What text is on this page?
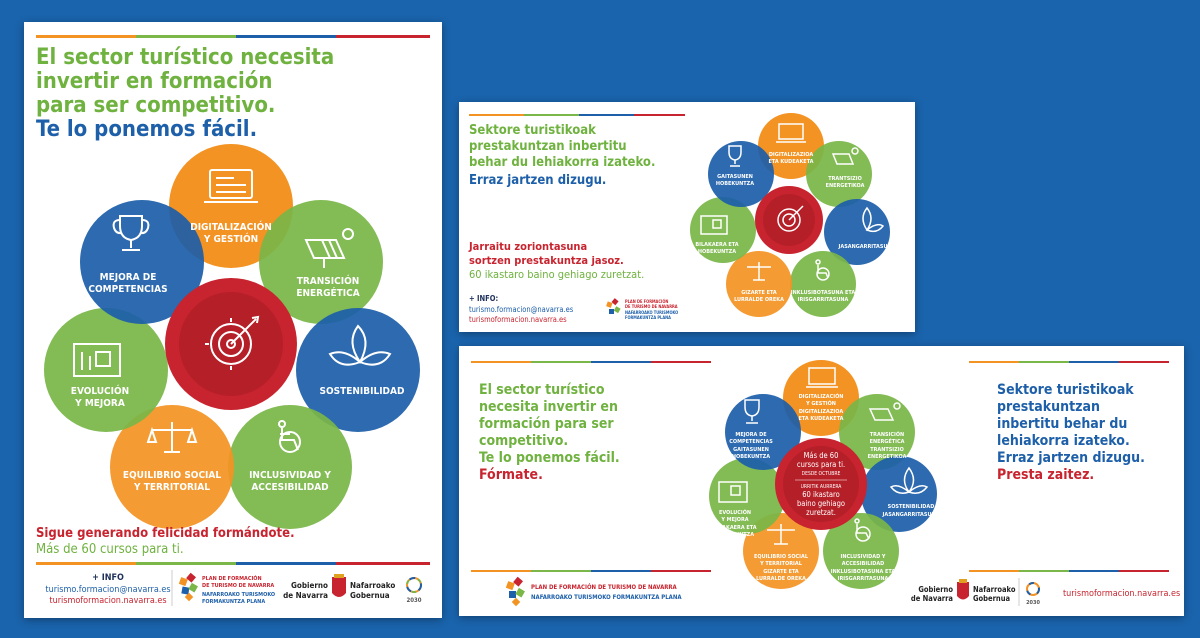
El sector turístico necesita
invertir en formación
para ser competitivo.
Te lo ponemos fácil.
DIGITALIZACIÓN
Y GESTIÓN
TRANSICIÓN
ENERGÉTICA
SOSTENIBILIDAD
INCLUSIVIDAD Y
ACCESIBILIDAD
EQUILIBRIO SOCIAL
Y TERRITORIAL
EVOLUCIÓN
Y MEJORA
MEJORA DE
COMPETENCIAS
Sigue generando felicidad formándote.
Más de 60 cursos para ti.
+ INFO
turismo.formacion@navarra.es
turismoformacion.navarra.es
PLAN DE FORMACIÓN
DE TURISMO DE NAVARRA
NAFARROAKO TURISMOKO
FORMAKUNTZA PLANA
Gobierno
de Navarra
Nafarroako
Gobernua
2030
Sektore turistikoak
prestakuntzan inbertitu
behar du lehiakorra izateko.
Erraz jartzen dizugu.
Jarraitu zoriontasuna
sortzen prestakuntza jasoz.
60 ikastaro baino gehiago zuretzat.
+ INFO:
turismo.formacion@navarra.es
turismoformacion.navarra.es
PLAN DE FORMACIÓN
DE TURISMO DE NAVARRA
NAFARROAKO TURISMOKO
FORMAKUNTZA PLANA
DIGITALIZAZIOA
ETA KUDEAKETA
TRANTSIZIO
ENERGETIKOA
JASANGARRITASUNA
INKLUSIBOTASUNA ETA
IRISGARRITASUNA
GIZARTE ETA
LURRALDE OREKA
BILAKAERA ETA
HOBEKUNTZA
GAITASUNEN
HOBEKUNTZA
El sector turístico
necesita invertir en
formación para ser
competitivo.
Te lo ponemos fácil.
Fórmate.
Sektore turistikoak
prestakuntzan
inbertitu behar du
lehiakorra izateko.
Erraz jartzen dizugu.
Presta zaitez.
Más de 60
cursos para ti.
DESDE OCTUBRE
URRITIK AURRERA
60 ikastaro
baino gehiago
zuretzat.
DIGITALIZACIÓN
Y GESTIÓN
DIGITALIZAZIOA
ETA KUDEAKETA
TRANSICIÓN
ENERGÉTICA
TRANTSIZIO
ENERGETIKOA
SOSTENIBILIDAD
JASANGARRITASUNA
INCLUSIVIDAD Y
ACCESIBILIDAD
INKLUSIBOTASUNA ETA
IRISGARRITASUNA
EQUILIBRIO SOCIAL
Y TERRITORIAL
GIZARTE ETA
LURRALDE OREKA
EVOLUCIÓN
Y MEJORA
BILAKAERA ETA
HOBEKUNTZA
MEJORA DE
COMPETENCIAS
GAITASUNEN
HOBEKUNTZA
PLAN DE FORMACIÓN DE TURISMO DE NAVARRA
NAFARROAKO TURISMOKO FORMAKUNTZA PLANA
Gobierno
de Navarra
Nafarroako
Gobernua	2030
turismoformacion.navarra.es
